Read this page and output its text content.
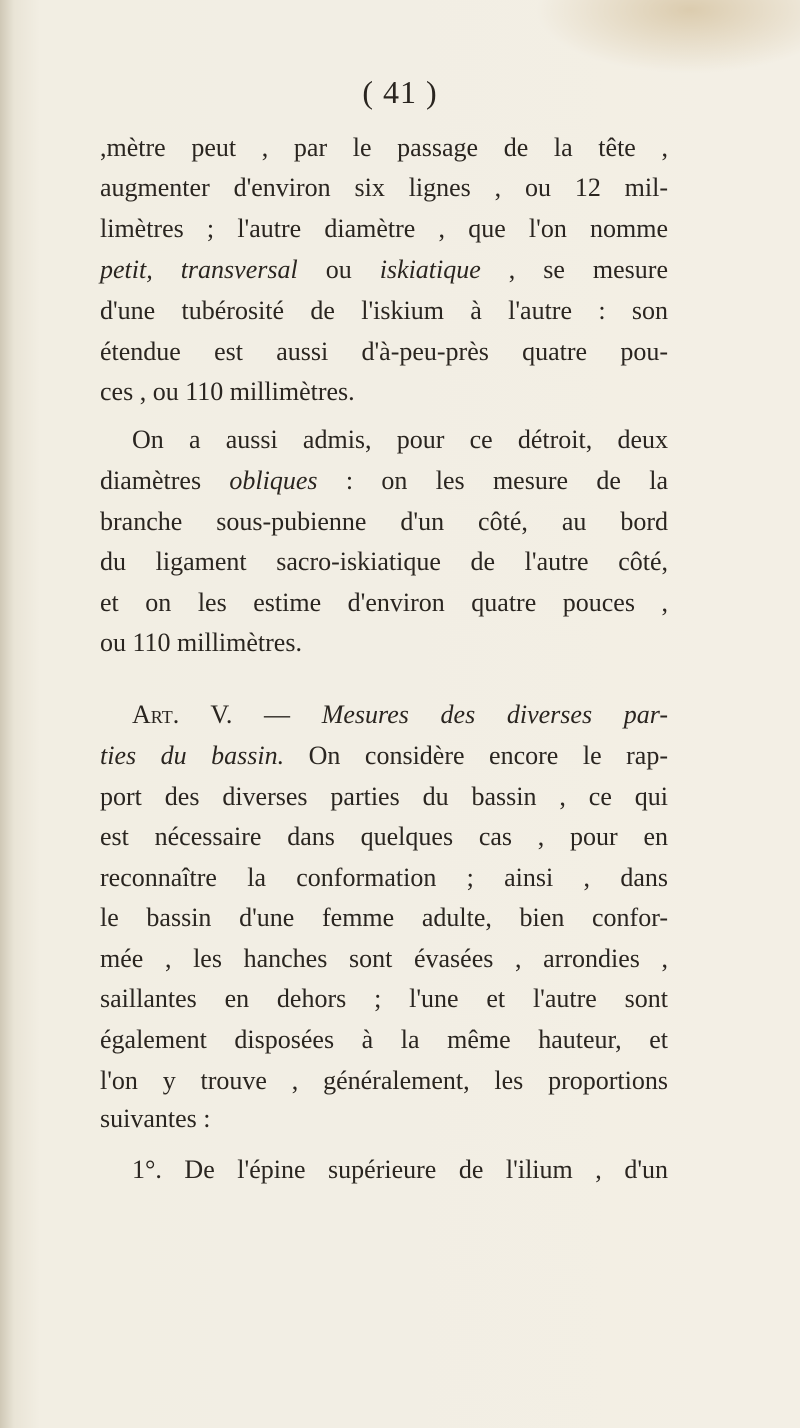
( 41 )
,mètre peut , par le passage de la tête ,
augmenter d'environ six lignes , ou 12 mil-
limètres ; l'autre diamètre , que l'on nomme
petit, transversal ou iskiatique , se mesure
d'une tubérosité de l'iskium à l'autre : son
étendue est aussi d'à-peu-près quatre pou-
ces , ou 110 millimètres.
On a aussi admis, pour ce détroit, deux
diamètres obliques : on les mesure de la
branche sous-pubienne d'un côté, au bord
du ligament sacro-iskiatique de l'autre côté,
et on les estime d'environ quatre pouces ,
ou 110 millimètres.
Art. V. — Mesures des diverses par-
ties du bassin. On considère encore le rap-
port des diverses parties du bassin , ce qui
est nécessaire dans quelques cas , pour en
reconnaître la conformation ; ainsi , dans
le bassin d'une femme adulte, bien confor-
mée , les hanches sont évasées , arrondies ,
saillantes en dehors ; l'une et l'autre sont
également disposées à la même hauteur, et
l'on y trouve , généralement, les proportions
suivantes :
1°. De l'épine supérieure de l'ilium , d'un
